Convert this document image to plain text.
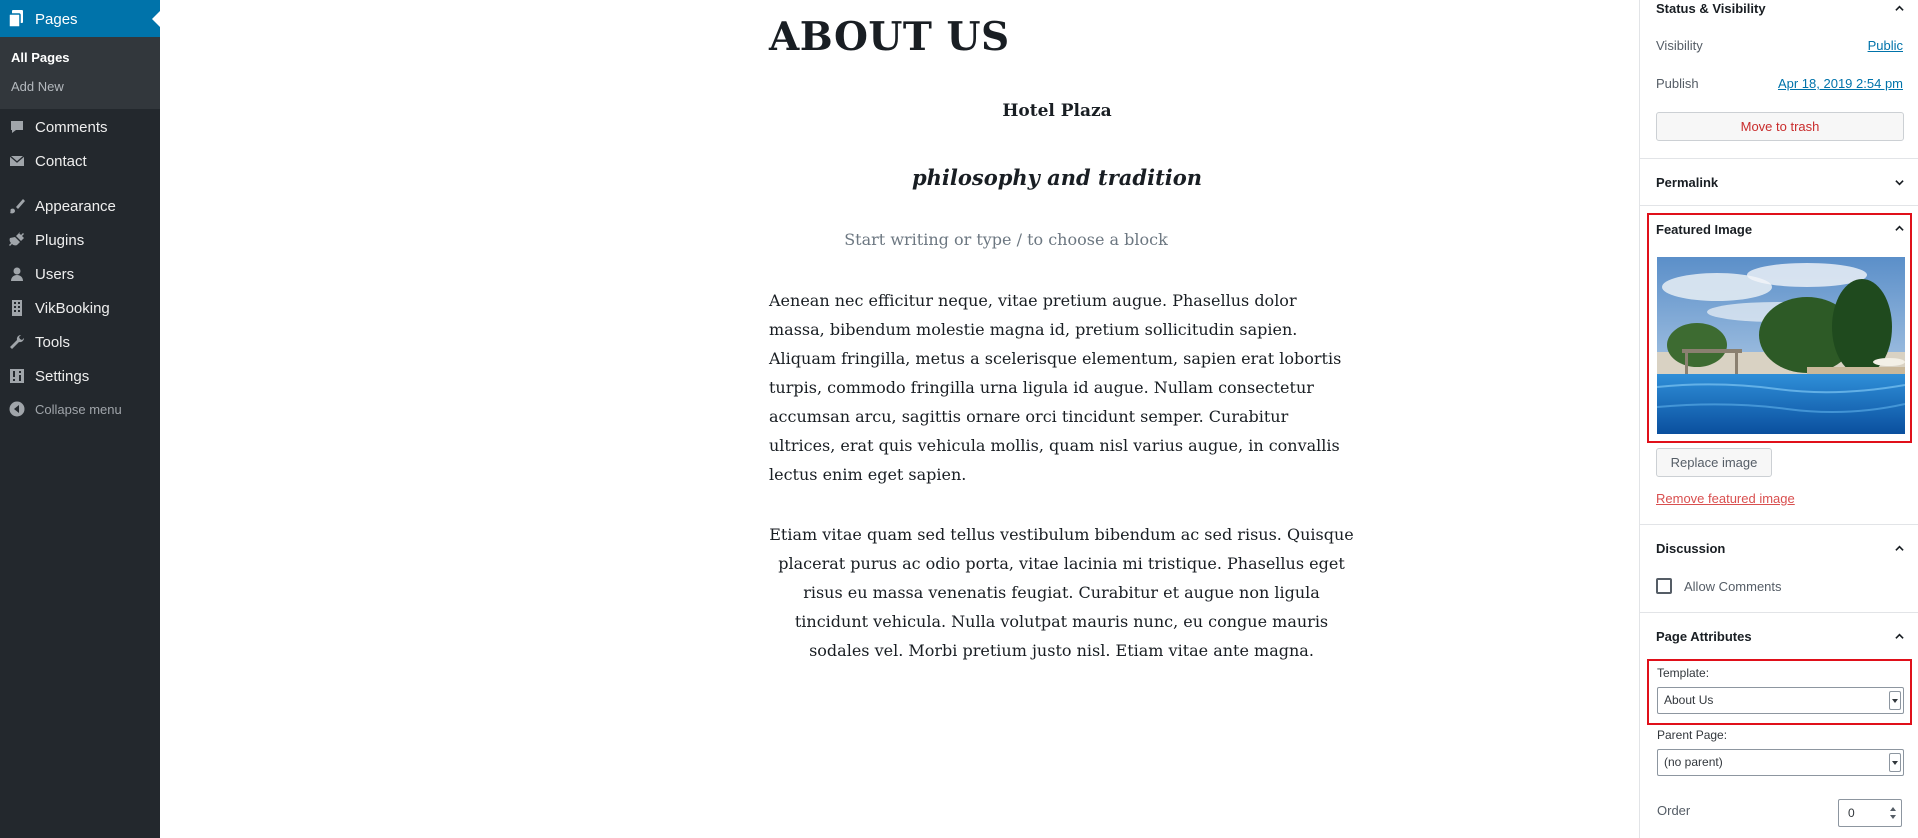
Pages
All Pages
Add New
Comments
Contact
Appearance
Plugins
Users
VikBooking
Tools
Settings
Collapse menu
ABOUT US
Hotel Plaza
philosophy and tradition
Start writing or type / to choose a block

Aenean nec efficitur neque, vitae pretium augue. Phasellus dolor massa, bibendum molestie magna id, pretium sollicitudin sapien. Aliquam fringilla, metus a scelerisque elementum, sapien erat lobortis turpis, commodo fringilla urna ligula id augue. Nullam consectetur accumsan arcu, sagittis ornare orci tincidunt semper. Curabitur ultrices, erat quis vehicula mollis, quam nisl varius augue, in convallis lectus enim eget sapien.

Etiam vitae quam sed tellus vestibulum bibendum ac sed risus. Quisque placerat purus ac odio porta, vitae lacinia mi tristique. Phasellus eget risus eu massa venenatis feugiat. Curabitur et augue non ligula tincidunt vehicula. Nulla volutpat mauris nunc, eu congue mauris sodales vel. Morbi pretium justo nisl. Etiam vitae ante magna.

Status & Visibility
Visibility	Public
Publish	Apr 18, 2019 2:54 pm
Move to trash
Permalink
Featured Image
Replace image
Remove featured image
Discussion
Allow Comments
Page Attributes
Template:
About Us
Parent Page:
(no parent)
Order	0
